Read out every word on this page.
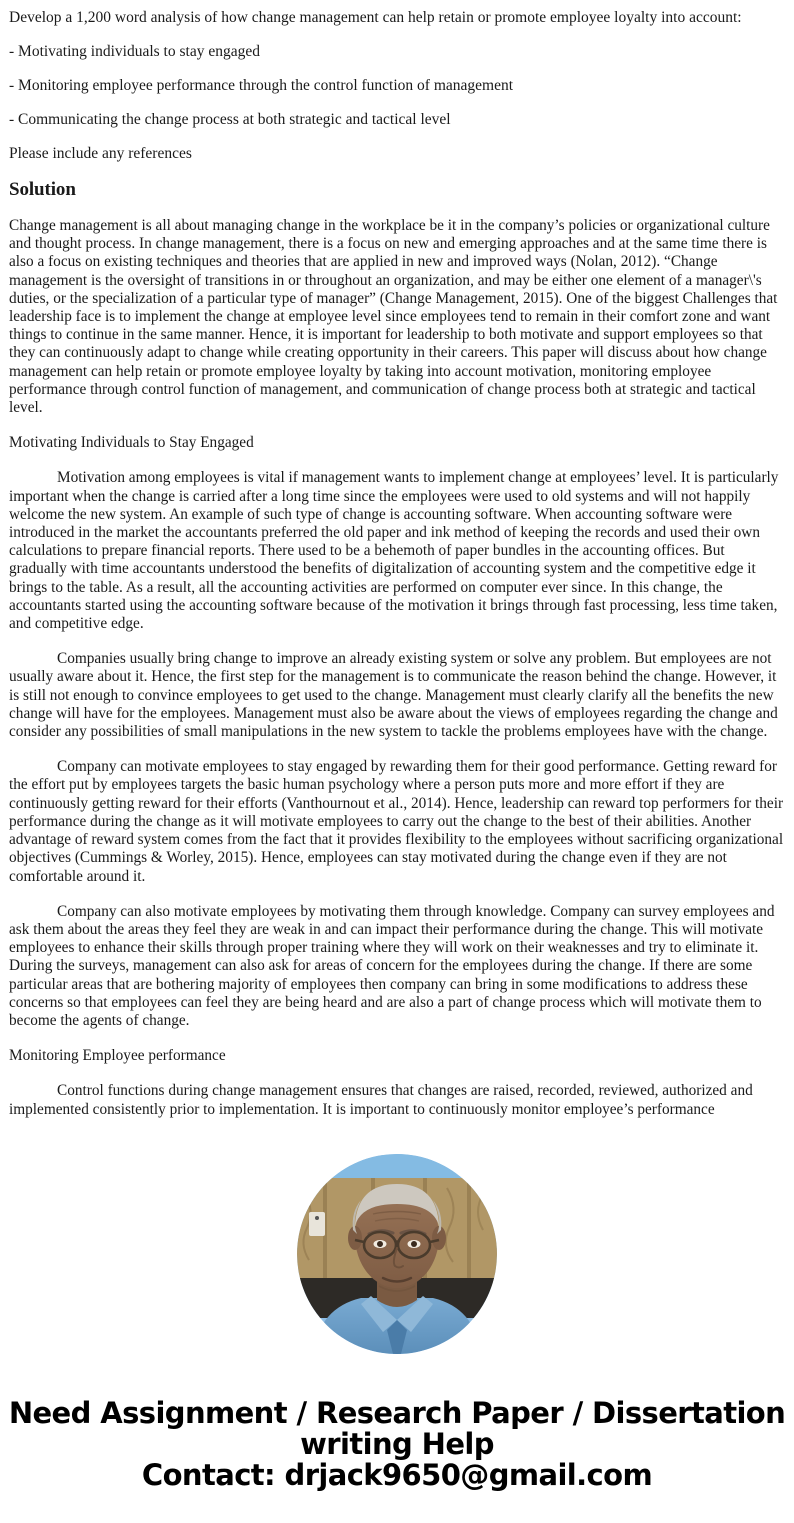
Develop a 1,200 word analysis of how change management can help retain or promote employee loyalty into account:

- Motivating individuals to stay engaged

- Monitoring employee performance through the control function of management

- Communicating the change process at both strategic and tactical level

Please include any references

Solution

Change management is all about managing change in the workplace be it in the company’s policies or organizational culture and thought process. In change management, there is a focus on new and emerging approaches and at the same time there is also a focus on existing techniques and theories that are applied in new and improved ways (Nolan, 2012). “Change management is the oversight of transitions in or throughout an organization, and may be either one element of a manager\'s duties, or the specialization of a particular type of manager” (Change Management, 2015). One of the biggest Challenges that leadership face is to implement the change at employee level since employees tend to remain in their comfort zone and want things to continue in the same manner. Hence, it is important for leadership to both motivate and support employees so that they can continuously adapt to change while creating opportunity in their careers. This paper will discuss about how change management can help retain or promote employee loyalty by taking into account motivation, monitoring employee performance through control function of management, and communication of change process both at strategic and tactical level.

Motivating Individuals to Stay Engaged

Motivation among employees is vital if management wants to implement change at employees’ level. It is particularly important when the change is carried after a long time since the employees were used to old systems and will not happily welcome the new system. An example of such type of change is accounting software. When accounting software were introduced in the market the accountants preferred the old paper and ink method of keeping the records and used their own calculations to prepare financial reports. There used to be a behemoth of paper bundles in the accounting offices. But gradually with time accountants understood the benefits of digitalization of accounting system and the competitive edge it brings to the table. As a result, all the accounting activities are performed on computer ever since. In this change, the accountants started using the accounting software because of the motivation it brings through fast processing, less time taken, and competitive edge.

Companies usually bring change to improve an already existing system or solve any problem. But employees are not usually aware about it. Hence, the first step for the management is to communicate the reason behind the change. However, it is still not enough to convince employees to get used to the change. Management must clearly clarify all the benefits the new change will have for the employees. Management must also be aware about the views of employees regarding the change and consider any possibilities of small manipulations in the new system to tackle the problems employees have with the change.

Company can motivate employees to stay engaged by rewarding them for their good performance. Getting reward for the effort put by employees targets the basic human psychology where a person puts more and more effort if they are continuously getting reward for their efforts (Vanthournout et al., 2014). Hence, leadership can reward top performers for their performance during the change as it will motivate employees to carry out the change to the best of their abilities. Another advantage of reward system comes from the fact that it provides flexibility to the employees without sacrificing organizational objectives (Cummings & Worley, 2015). Hence, employees can stay motivated during the change even if they are not comfortable around it.

Company can also motivate employees by motivating them through knowledge. Company can survey employees and ask them about the areas they feel they are weak in and can impact their performance during the change. This will motivate employees to enhance their skills through proper training where they will work on their weaknesses and try to eliminate it. During the surveys, management can also ask for areas of concern for the employees during the change. If there are some particular areas that are bothering majority of employees then company can bring in some modifications to address these concerns so that employees can feel they are being heard and are also a part of change process which will motivate them to become the agents of change.

Monitoring Employee performance

Control functions during change management ensures that changes are raised, recorded, reviewed, authorized and implemented consistently prior to implementation. It is important to continuously monitor employee’s performance

Need Assignment / Research Paper / Dissertation
writing Help
Contact: drjack9650@gmail.com
